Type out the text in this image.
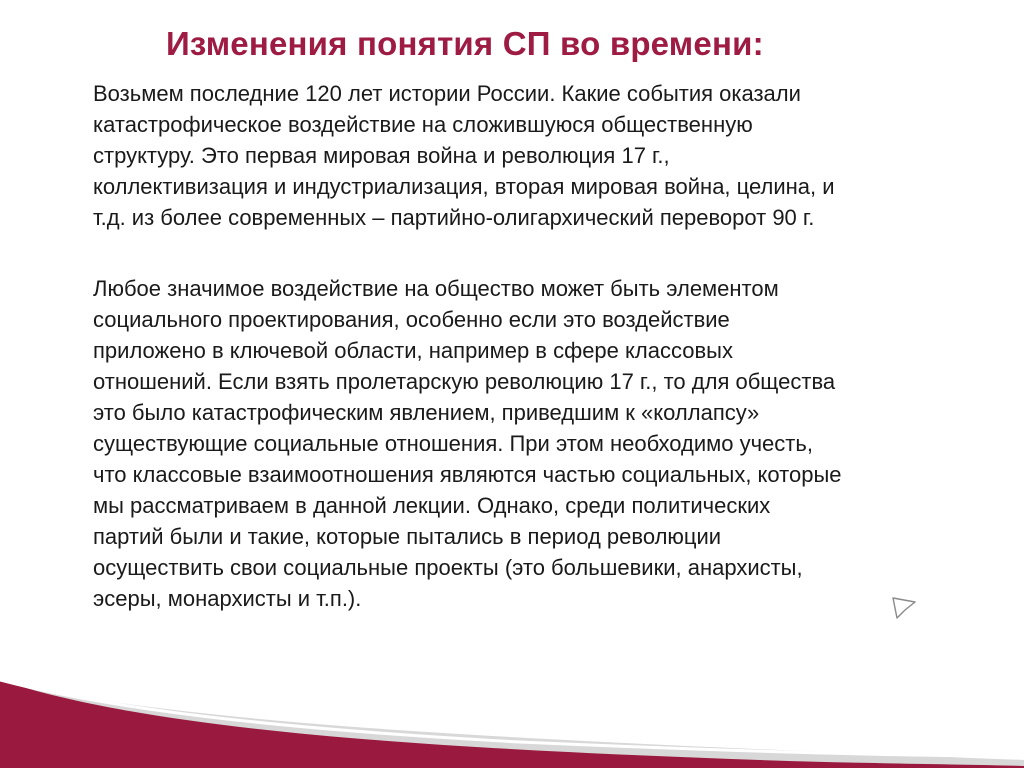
Изменения понятия СП во времени:

Возьмем последние 120 лет истории России. Какие события оказали
катастрофическое воздействие на сложившуюся общественную
структуру. Это первая мировая война и революция 17 г.,
коллективизация и индустриализация, вторая мировая война, целина, и
т.д. из более современных – партийно-олигархический переворот 90 г.

Любое значимое воздействие на общество может быть элементом
социального проектирования, особенно если это воздействие
приложено в ключевой области, например в сфере классовых
отношений. Если взять пролетарскую революцию 17 г., то для общества
это было катастрофическим явлением, приведшим к «коллапсу»
существующие социальные отношения. При этом необходимо учесть,
что классовые взаимоотношения являются частью социальных, которые
мы рассматриваем в данной лекции. Однако, среди политических
партий были и такие, которые пытались в период революции
осуществить свои социальные проекты (это большевики, анархисты,
эсеры, монархисты и т.п.).
